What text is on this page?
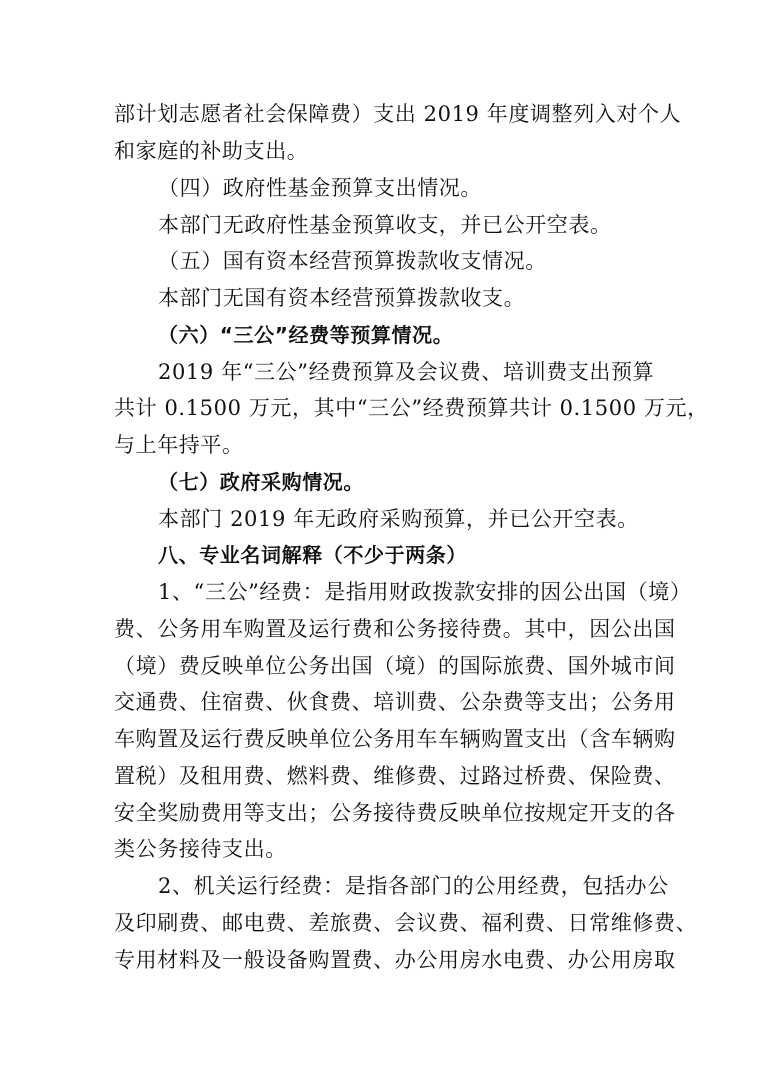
部计划志愿者社会保障费）支出 2019 年度调整列入对个人
和家庭的补助支出。
（四）政府性基金预算支出情况。
本部门无政府性基金预算收支，并已公开空表。
（五）国有资本经营预算拨款收支情况。
本部门无国有资本经营预算拨款收支。
（六）“三公”经费等预算情况。
2019 年“三公”经费预算及会议费、培训费支出预算
共计 0.1500 万元，其中“三公”经费预算共计 0.1500 万元，
与上年持平。
（七）政府采购情况。
本部门 2019 年无政府采购预算，并已公开空表。
八、专业名词解释（不少于两条）
1、“三公”经费：是指用财政拨款安排的因公出国（境）
费、公务用车购置及运行费和公务接待费。其中，因公出国
（境）费反映单位公务出国（境）的国际旅费、国外城市间
交通费、住宿费、伙食费、培训费、公杂费等支出；公务用
车购置及运行费反映单位公务用车车辆购置支出（含车辆购
置税）及租用费、燃料费、维修费、过路过桥费、保险费、
安全奖励费用等支出；公务接待费反映单位按规定开支的各
类公务接待支出。
2、机关运行经费：是指各部门的公用经费，包括办公
及印刷费、邮电费、差旅费、会议费、福利费、日常维修费、
专用材料及一般设备购置费、办公用房水电费、办公用房取
